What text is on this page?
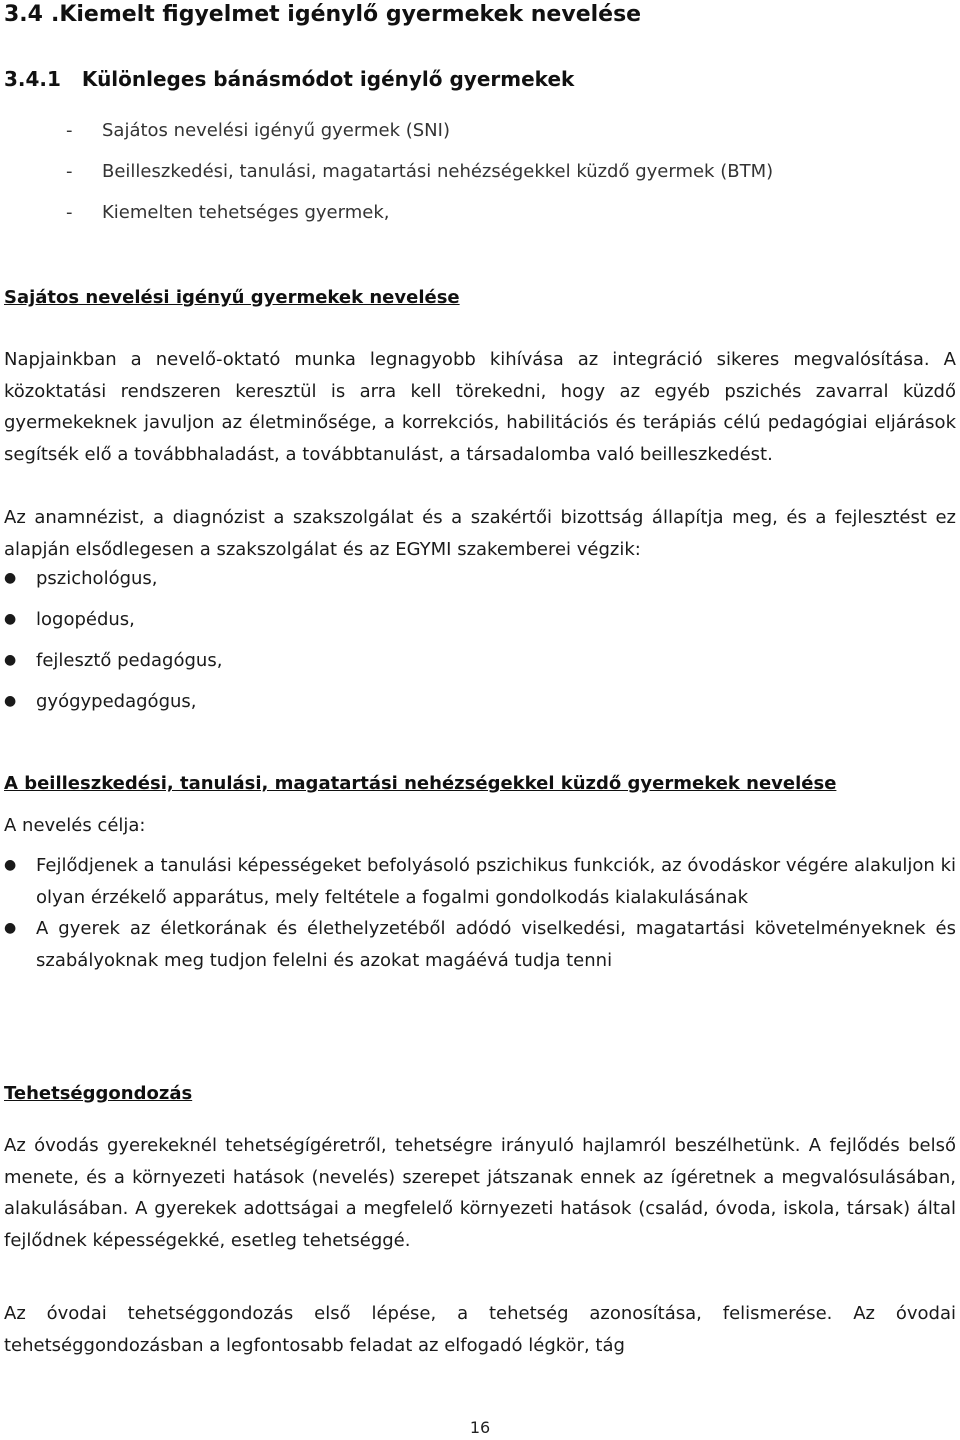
3.4 .Kiemelt figyelmet igénylő gyermekek nevelése
3.4.1 Különleges bánásmódot igénylő gyermekek
- Sajátos nevelési igényű gyermek (SNI)
- Beilleszkedési, tanulási, magatartási nehézségekkel küzdő gyermek (BTM)
- Kiemelten tehetséges gyermek,
Sajátos nevelési igényű gyermekek nevelése
Napjainkban a nevelő-oktató munka legnagyobb kihívása az integráció sikeres megvalósítása. A közoktatási rendszeren keresztül is arra kell törekedni, hogy az egyéb pszichés zavarral küzdő gyermekeknek javuljon az életminősége, a korrekciós, habilitációs és terápiás célú pedagógiai eljárások segítsék elő a továbbhaladást, a továbbtanulást, a társadalomba való beilleszkedést.
Az anamnézist, a diagnózist a szakszolgálat és a szakértői bizottság állapítja meg, és a fejlesztést ez alapján elsődlegesen a szakszolgálat és az EGYMI szakemberei végzik:
● pszichológus,
● logopédus,
● fejlesztő pedagógus,
● gyógypedagógus,
A beilleszkedési, tanulási, magatartási nehézségekkel küzdő gyermekek nevelése
A nevelés célja:
● Fejlődjenek a tanulási képességeket befolyásoló pszichikus funkciók, az óvodáskor végére alakuljon ki olyan érzékelő apparátus, mely feltétele a fogalmi gondolkodás kialakulásának
● A gyerek az életkorának és élethelyzetéből adódó viselkedési, magatartási követelményeknek és szabályoknak meg tudjon felelni és azokat magáévá tudja tenni
Tehetséggondozás
Az óvodás gyerekeknél tehetségígéretről, tehetségre irányuló hajlamról beszélhetünk. A fejlődés belső menete, és a környezeti hatások (nevelés) szerepet játszanak ennek az ígéretnek a megvalósulásában, alakulásában. A gyerekek adottságai a megfelelő környezeti hatások (család, óvoda, iskola, társak) által fejlődnek képességekké, esetleg tehetséggé.
Az óvodai tehetséggondozás első lépése, a tehetség azonosítása, felismerése. Az óvodai tehetséggondozásban a legfontosabb feladat az elfogadó légkör, tág
16
